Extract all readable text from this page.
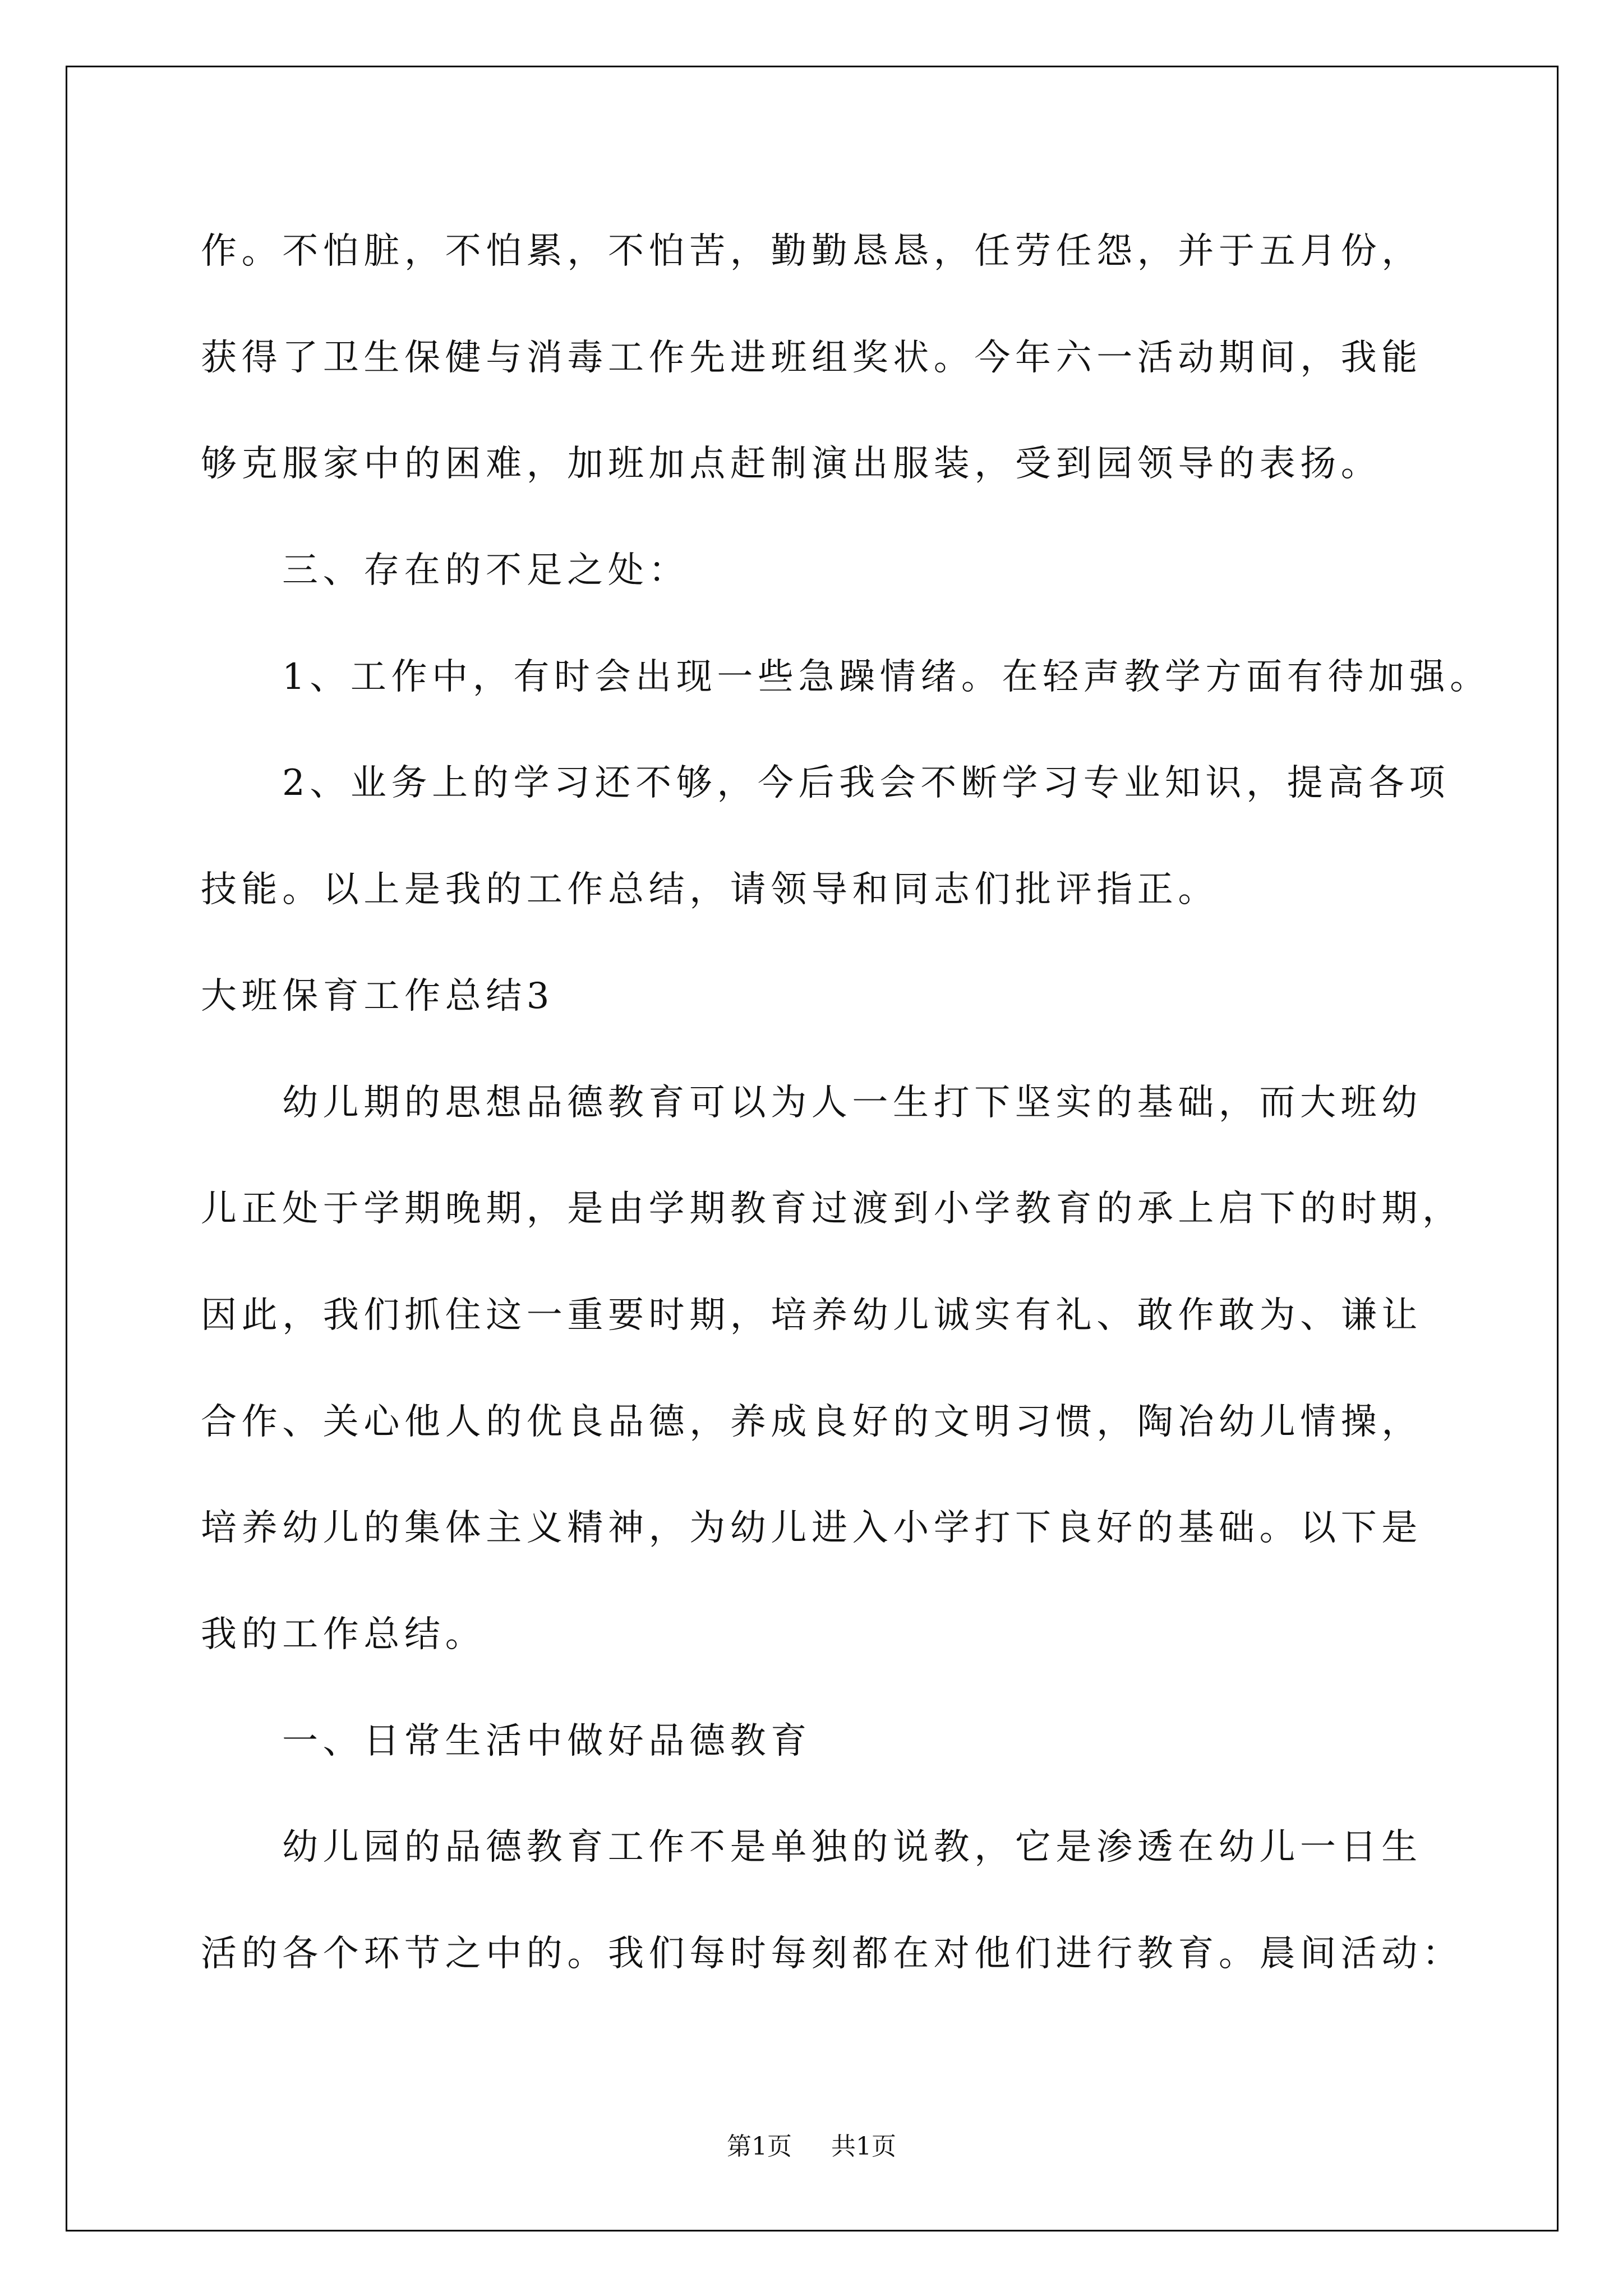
作。不怕脏，不怕累，不怕苦，勤勤恳恳，任劳任怨，并于五月份，
获得了卫生保健与消毒工作先进班组奖状。今年六一活动期间，我能
够克服家中的困难，加班加点赶制演出服装，受到园领导的表扬。
三、存在的不足之处：
1、工作中，有时会出现一些急躁情绪。在轻声教学方面有待加强。
2、业务上的学习还不够，今后我会不断学习专业知识，提高各项
技能。以上是我的工作总结，请领导和同志们批评指正。
大班保育工作总结3
幼儿期的思想品德教育可以为人一生打下坚实的基础，而大班幼
儿正处于学期晚期，是由学期教育过渡到小学教育的承上启下的时期，
因此，我们抓住这一重要时期，培养幼儿诚实有礼、敢作敢为、谦让
合作、关心他人的优良品德，养成良好的文明习惯，陶冶幼儿情操，
培养幼儿的集体主义精神，为幼儿进入小学打下良好的基础。以下是
我的工作总结。
一、日常生活中做好品德教育
幼儿园的品德教育工作不是单独的说教，它是渗透在幼儿一日生
活的各个环节之中的。我们每时每刻都在对他们进行教育。晨间活动：
第1页 共1页
